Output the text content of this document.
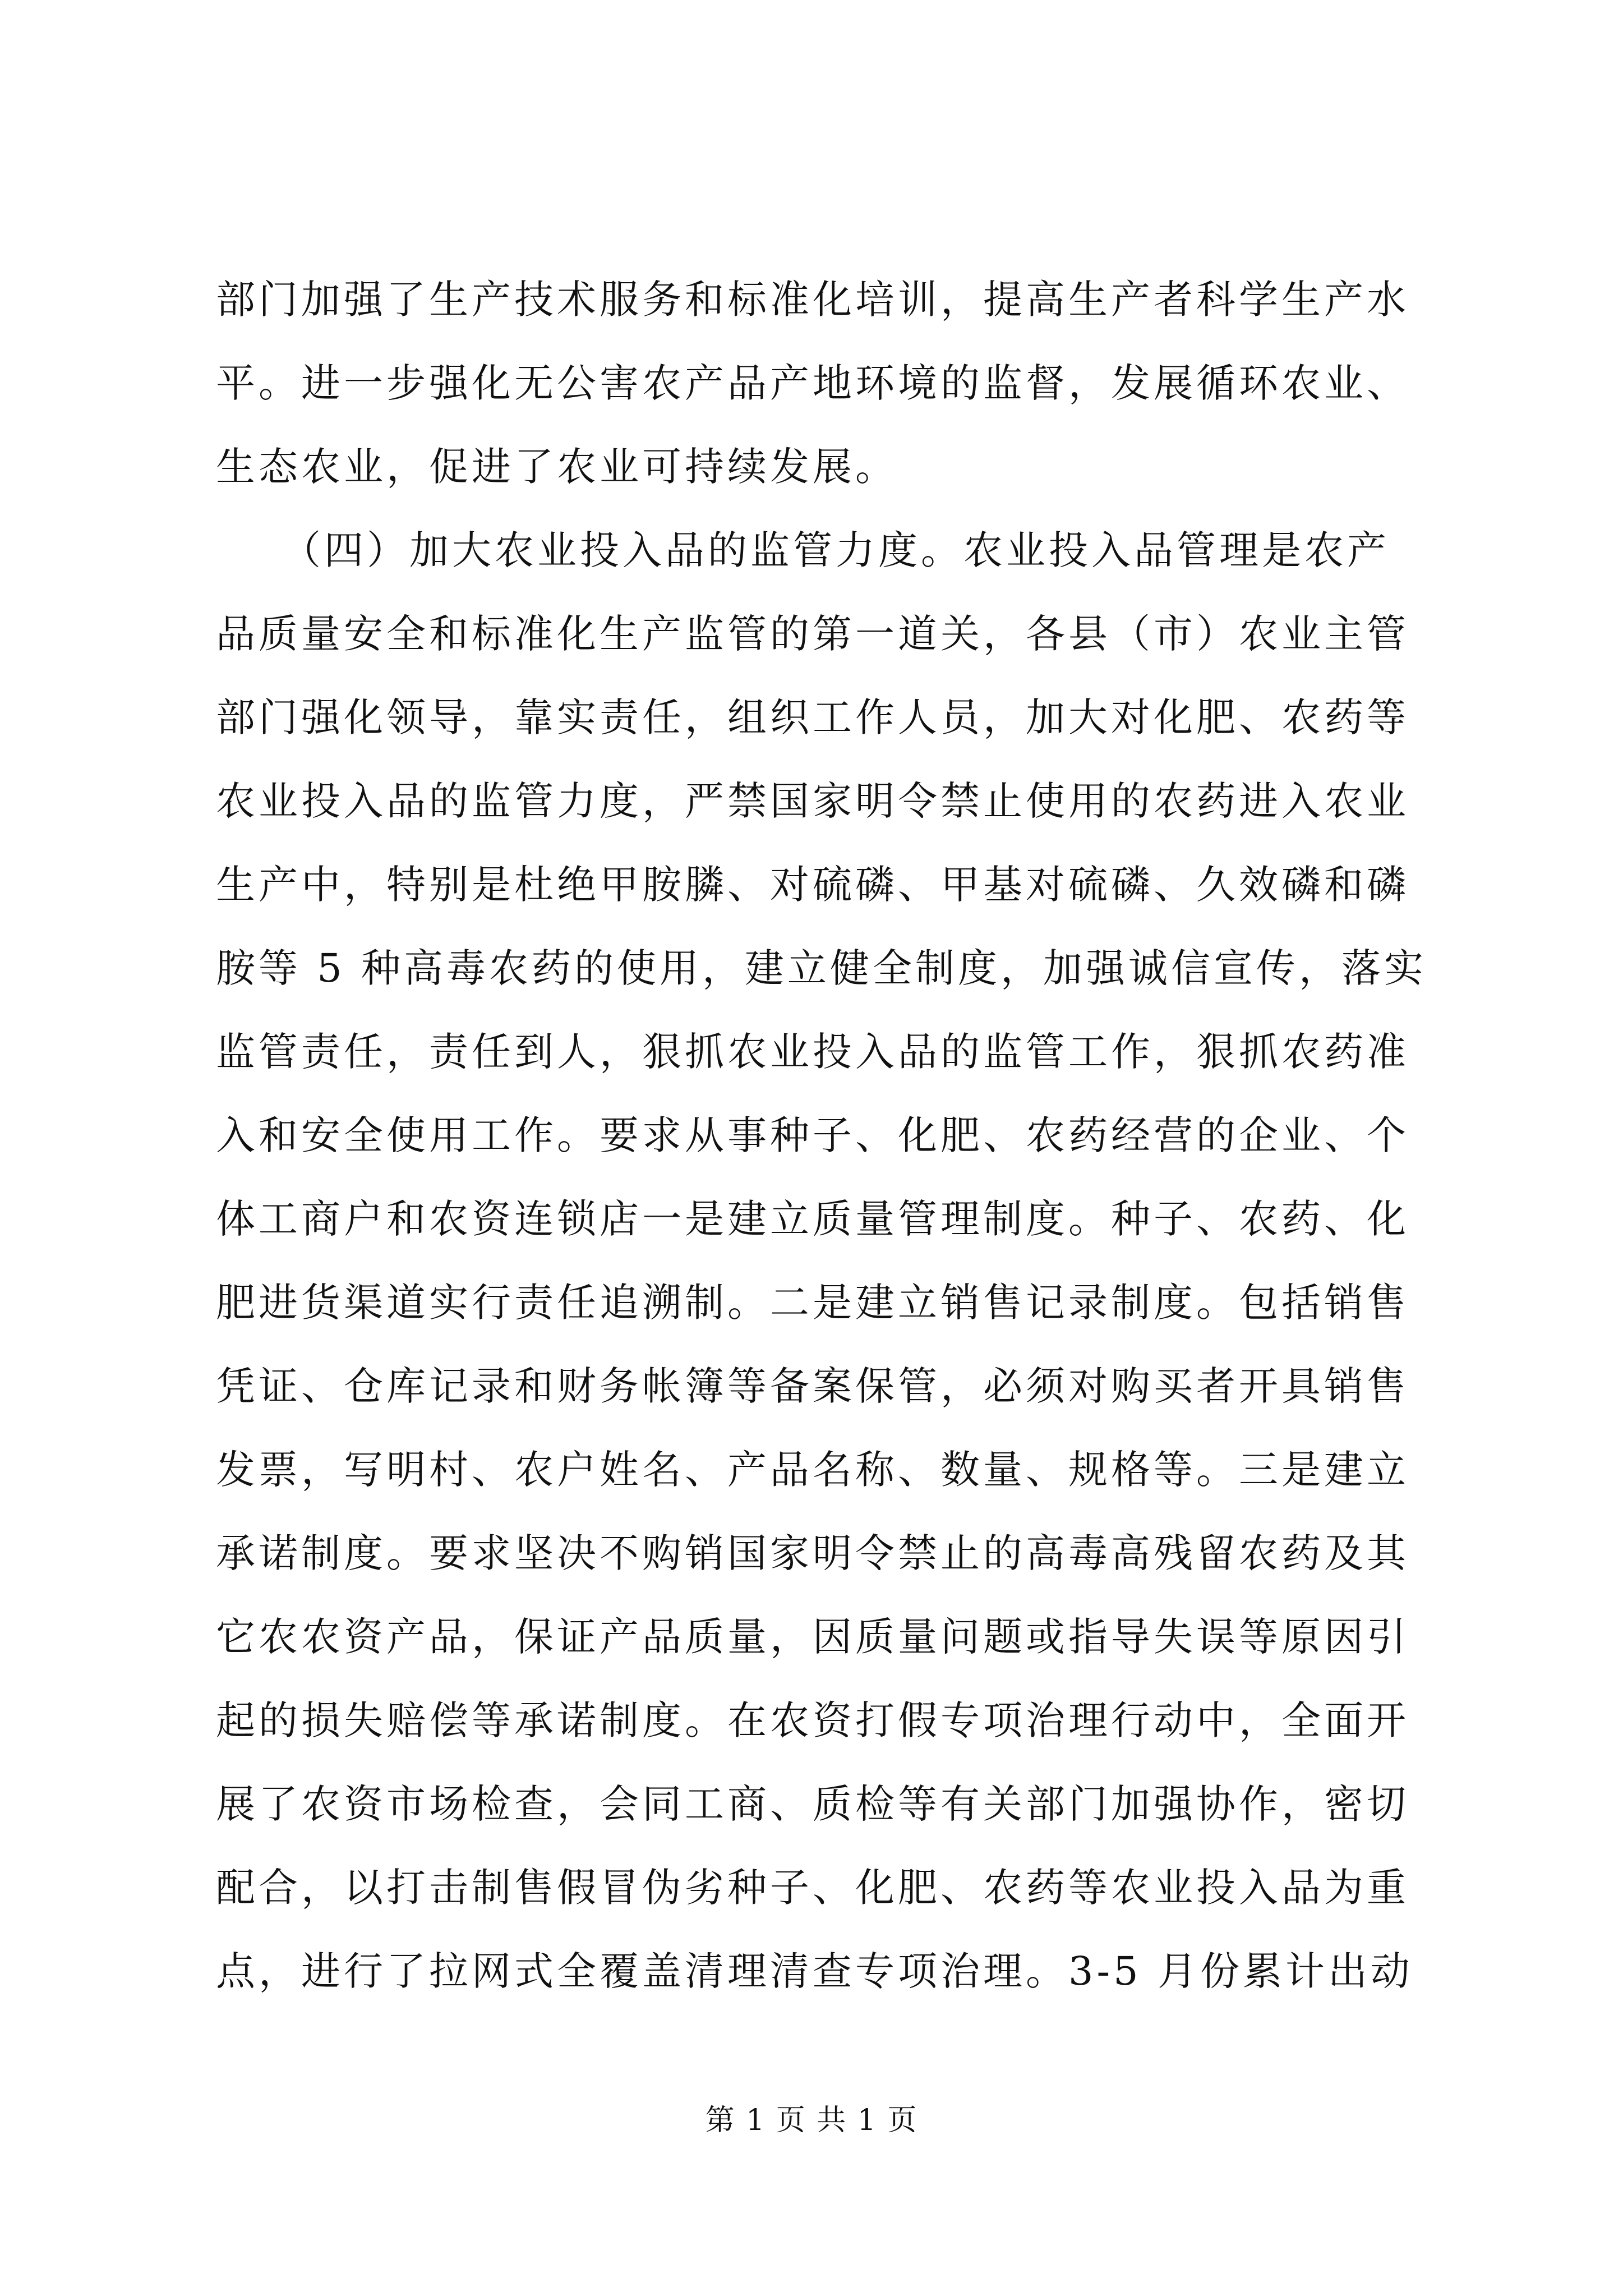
部门加强了生产技术服务和标准化培训，提高生产者科学生产水
平。进一步强化无公害农产品产地环境的监督，发展循环农业、
生态农业，促进了农业可持续发展。
　　（四）加大农业投入品的监管力度。农业投入品管理是农产
品质量安全和标准化生产监管的第一道关，各县（市）农业主管
部门强化领导，靠实责任，组织工作人员，加大对化肥、农药等
农业投入品的监管力度，严禁国家明令禁止使用的农药进入农业
生产中，特别是杜绝甲胺膦、对硫磷、甲基对硫磷、久效磷和磷
胺等 5 种高毒农药的使用，建立健全制度，加强诚信宣传，落实
监管责任，责任到人，狠抓农业投入品的监管工作，狠抓农药准
入和安全使用工作。要求从事种子、化肥、农药经营的企业、个
体工商户和农资连锁店一是建立质量管理制度。种子、农药、化
肥进货渠道实行责任追溯制。二是建立销售记录制度。包括销售
凭证、仓库记录和财务帐簿等备案保管，必须对购买者开具销售
发票，写明村、农户姓名、产品名称、数量、规格等。三是建立
承诺制度。要求坚决不购销国家明令禁止的高毒高残留农药及其
它农农资产品，保证产品质量，因质量问题或指导失误等原因引
起的损失赔偿等承诺制度。在农资打假专项治理行动中，全面开
展了农资市场检查，会同工商、质检等有关部门加强协作，密切
配合，以打击制售假冒伪劣种子、化肥、农药等农业投入品为重
点，进行了拉网式全覆盖清理清查专项治理。3-5 月份累计出动
第 1 页 共 1 页
